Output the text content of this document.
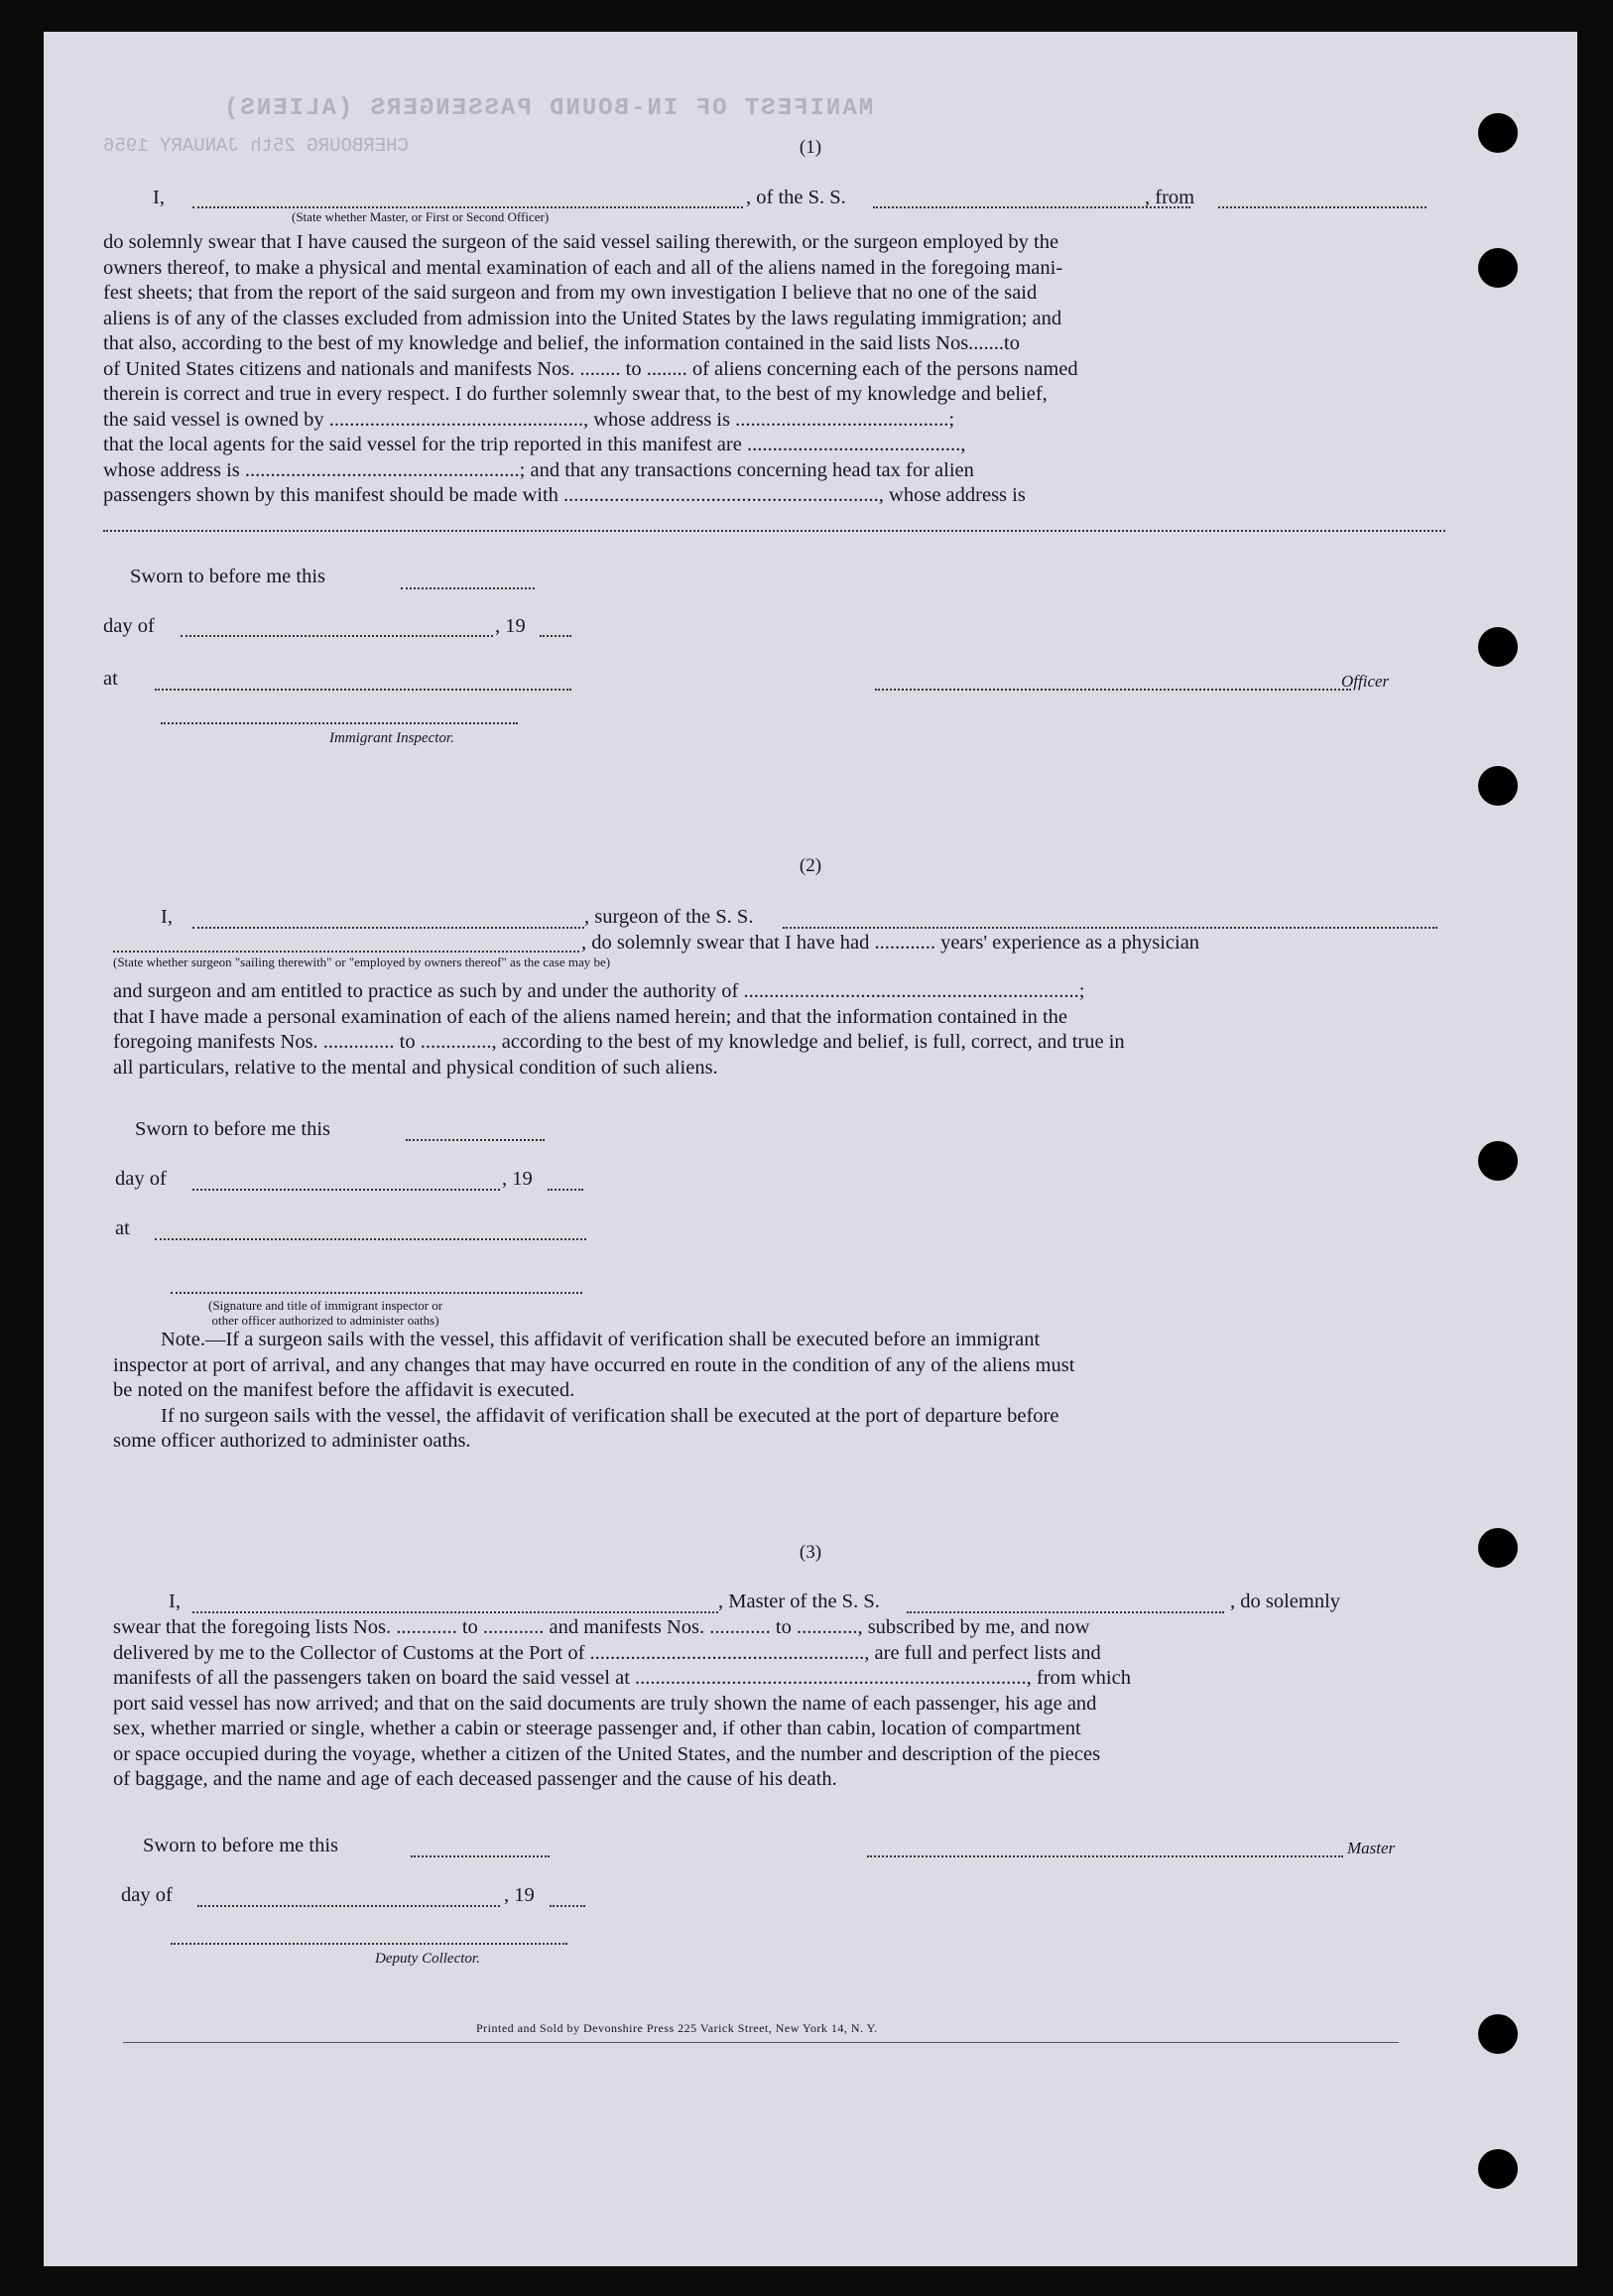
MANIFEST OF IN-BOUND PASSENGERS (ALIENS)
CHERBOURG 25th JANUARY 1956	(1)
I,	, of the S. S.	, from
(State whether Master, or First or Second Officer)
do solemnly swear that I have caused the surgeon of the said vessel sailing therewith, or the surgeon employed by the
owners thereof, to make a physical and mental examination of each and all of the aliens named in the foregoing mani-
fest sheets; that from the report of the said surgeon and from my own investigation I believe that no one of the said
aliens is of any of the classes excluded from admission into the United States by the laws regulating immigration; and
that also, according to the best of my knowledge and belief, the information contained in the said lists Nos.......to
of United States citizens and nationals and manifests Nos. ........ to ........ of aliens concerning each of the persons named
therein is correct and true in every respect. I do further solemnly swear that, to the best of my knowledge and belief,
the said vessel is owned by .................................................., whose address is ..........................................;
that the local agents for the said vessel for the trip reported in this manifest are ..........................................,
whose address is ......................................................; and that any transactions concerning head tax for alien
passengers shown by this manifest should be made with .............................................................., whose address is
Sworn to before me this
day of	, 19
at	Officer
Immigrant Inspector.
(2)
I,	, surgeon of the S. S.
, do solemnly swear that I have had ............ years' experience as a physician
(State whether surgeon "sailing therewith" or "employed by owners thereof" as the case may be)
and surgeon and am entitled to practice as such by and under the authority of ..................................................................;
that I have made a personal examination of each of the aliens named herein; and that the information contained in the
foregoing manifests Nos. .............. to .............., according to the best of my knowledge and belief, is full, correct, and true in
all particulars, relative to the mental and physical condition of such aliens.
Sworn to before me this
day of	, 19
at
(Signature and title of immigrant inspector or
other officer authorized to administer oaths)
Note.—If a surgeon sails with the vessel, this affidavit of verification shall be executed before an immigrant
inspector at port of arrival, and any changes that may have occurred en route in the condition of any of the aliens must
be noted on the manifest before the affidavit is executed.
If no surgeon sails with the vessel, the affidavit of verification shall be executed at the port of departure before
some officer authorized to administer oaths.
(3)
I,	, Master of the S. S.	, do solemnly
swear that the foregoing lists Nos. ............ to ............ and manifests Nos. ............ to ............, subscribed by me, and now
delivered by me to the Collector of Customs at the Port of ......................................................, are full and perfect lists and
manifests of all the passengers taken on board the said vessel at ............................................................................., from which
port said vessel has now arrived; and that on the said documents are truly shown the name of each passenger, his age and
sex, whether married or single, whether a cabin or steerage passenger and, if other than cabin, location of compartment
or space occupied during the voyage, whether a citizen of the United States, and the number and description of the pieces
of baggage, and the name and age of each deceased passenger and the cause of his death.
Sworn to before me this	Master
day of	, 19
Deputy Collector.
Printed and Sold by Devonshire Press 225 Varick Street, New York 14, N. Y.
